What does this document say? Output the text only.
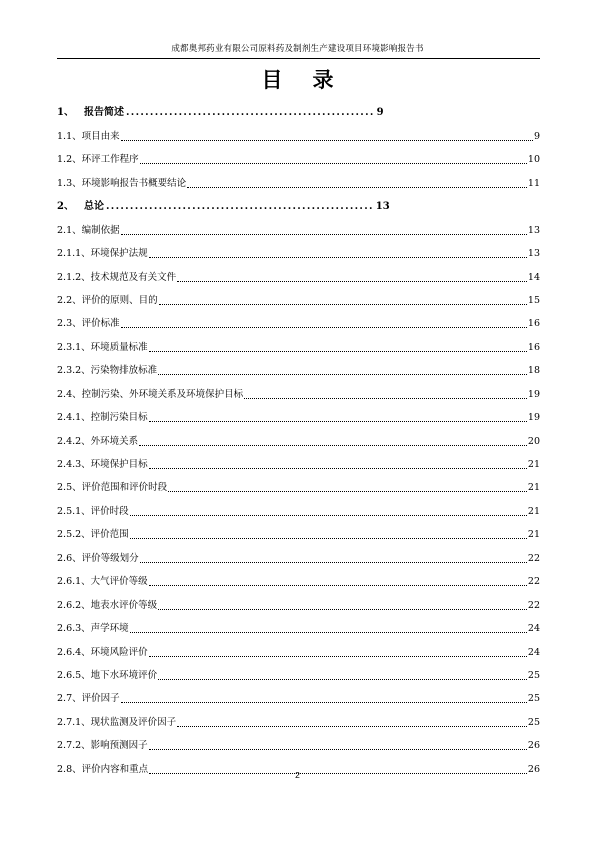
成都奥邦药业有限公司原料药及制剂生产建设项目环境影响报告书
目 录
1、 报告简述 .................................................... 9
1.1、项目由来	9
1.2、环评工作程序	10
1.3、环境影响报告书概要结论	11
2、 总论 ........................................................ 13
2.1、编制依据	13
2.1.1、环境保护法规	13
2.1.2、技术规范及有关文件	14
2.2、评价的原则、目的	15
2.3、评价标准	16
2.3.1、环境质量标准	16
2.3.2、污染物排放标准	18
2.4、控制污染、外环境关系及环境保护目标	19
2.4.1、控制污染目标	19
2.4.2、外环境关系	20
2.4.3、环境保护目标	21
2.5、评价范围和评价时段	21
2.5.1、评价时段	21
2.5.2、评价范围	21
2.6、评价等级划分	22
2.6.1、大气评价等级	22
2.6.2、地表水评价等级	22
2.6.3、声学环境	24
2.6.4、环境风险评价	24
2.6.5、地下水环境评价	25
2.7、评价因子	25
2.7.1、现状监测及评价因子	25
2.7.2、影响预测因子	26
2.8、评价内容和重点	26
2
